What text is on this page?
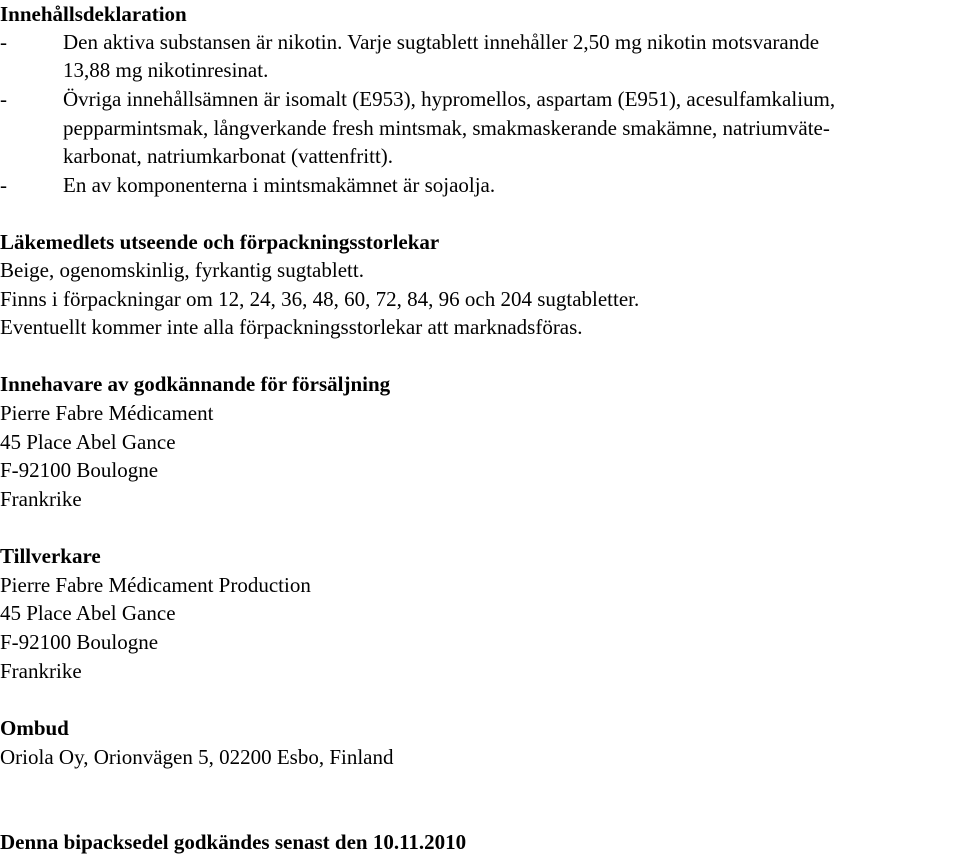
Innehållsdeklaration
-	Den aktiva substansen är nikotin. Varje sugtablett innehåller 2,50 mg nikotin motsvarande
13,88 mg nikotinresinat.
-	Övriga innehållsämnen är isomalt (E953), hypromellos, aspartam (E951), acesulfamkalium,
pepparmintsmak, långverkande fresh mintsmak, smakmaskerande smakämne, natriumväte-
karbonat, natriumkarbonat (vattenfritt).
-	En av komponenterna i mintsmakämnet är sojaolja.
Läkemedlets utseende och förpackningsstorlekar
Beige, ogenomskinlig, fyrkantig sugtablett.
Finns i förpackningar om 12, 24, 36, 48, 60, 72, 84, 96 och 204 sugtabletter.
Eventuellt kommer inte alla förpackningsstorlekar att marknadsföras.
Innehavare av godkännande för försäljning
Pierre Fabre Médicament
45 Place Abel Gance
F-92100 Boulogne
Frankrike
Tillverkare
Pierre Fabre Médicament Production
45 Place Abel Gance
F-92100 Boulogne
Frankrike
Ombud
Oriola Oy, Orionvägen 5, 02200 Esbo, Finland
Denna bipacksedel godkändes senast den 10.11.2010
